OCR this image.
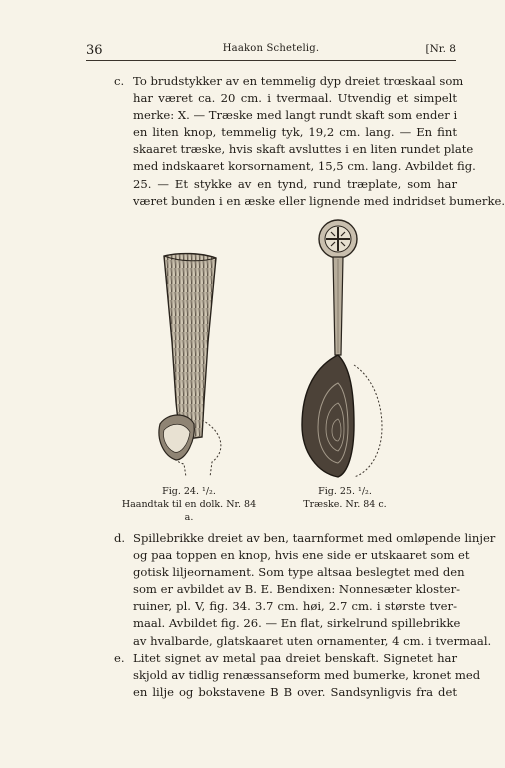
36	Haakon Schetelig.	[Nr. 8
c. To brudstykker av en temmelig dyp dreiet trœskaal som
har været ca. 20 cm. i tvermaal. Utvendig et simpelt
merke: X. — Træske med langt rundt skaft som ender i
en liten knop, temmelig tyk, 19,2 cm. lang. — En fint
skaaret træske, hvis skaft avsluttes i en liten rundet plate
med indskaaret korsornament, 15,5 cm. lang. Avbildet fig.
25. — Et stykke av en tynd, rund træplate, som har
været bunden i en æske eller lignende med indridset bumerke.
Fig. 24. ¹/₂.
Haandtak til en dolk. Nr. 84 a.
Fig. 25. ¹/₂.
Træske. Nr. 84 c.
d. Spillebrikke dreiet av ben, taarnformet med omløpende linjer
og paa toppen en knop, hvis ene side er utskaaret som et
gotisk liljeornament. Som type altsaa beslegtet med den
som er avbildet av B. E. Bendixen: Nonnesæter kloster-
ruiner, pl. V, fig. 34. 3.7 cm. høi, 2.7 cm. i største tver-
maal. Avbildet fig. 26. — En flat, sirkelrund spillebrikke
av hvalbarde, glatskaaret uten ornamenter, 4 cm. i tvermaal.
e. Litet signet av metal paa dreiet benskaft. Signetet har
skjold av tidlig renæssanseform med bumerke, kronet med
en lilje og bokstavene B B over. Sandsynligvis fra det
